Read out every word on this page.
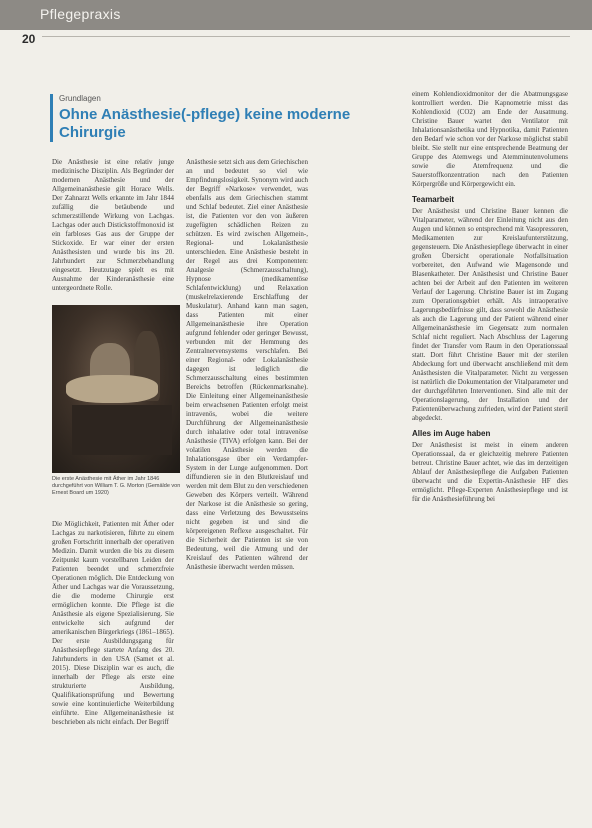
Pflegepraxis
20

Grundlagen

Ohne Anästhesie(-pflege) keine moderne Chirurgie

Die Anästhesie ist eine relativ junge medizinische Disziplin. Als Begründer der modernen Anästhesie und der Allgemeinanästhesie gilt Horace Wells. Der Zahnarzt Wells erkannte im Jahr 1844 zufällig die betäubende und schmerzstillende Wirkung von Lachgas. Lachgas oder auch Distickstoffmonoxid ist ein farbloses Gas aus der Gruppe der Stickoxide. Er war einer der ersten Anästhesisten und wurde bis ins 20. Jahrhundert zur Schmerzbehandlung eingesetzt. Heutzutage spielt es mit Ausnahme der Kinderanästhesie eine untergeordnete Rolle.

Die erste Anästhesie mit Äther im Jahr 1846 durchgeführt von William T. G. Morton (Gemälde von Ernest Board um 1920)

Die Möglichkeit, Patienten mit Äther oder Lachgas zu narkotisieren, führte zu einem großen Fortschritt innerhalb der operativen Medizin. Damit wurden die bis zu diesem Zeitpunkt kaum vorstellbaren Leiden der Patienten beendet und schmerzfreie Operationen möglich. Die Entdeckung von Äther und Lachgas war die Voraussetzung, die die moderne Chirurgie erst ermöglichen konnte. Die Pflege ist die Anästhesie als eigene Spezialisierung. Sie entwickelte sich aufgrund der amerikanischen Bürgerkriegs (1861–1865). Der erste Ausbildungsgang für Anästhesiepflege startete Anfang des 20. Jahrhunderts in den USA (Samet et al. 2015). Diese Disziplin war es auch, die innerhalb der Pflege als erste eine strukturierte Ausbildung, Qualifikationsprüfung und Bewertung sowie eine kontinuierliche Weiterbildung einführte. Eine Allgemeinanästhesie ist beschrieben als nicht einfach. Der Begriff

Anästhesie setzt sich aus dem Griechischen an und bedeutet so viel wie Empfindungslosigkeit. Synonym wird auch der Begriff »Narkose« verwendet, was ebenfalls aus dem Griechischen stammt und Schlaf bedeutet. Ziel einer Anästhesie ist, die Patienten vor den von äußeren zugefügten schädlichen Reizen zu schützen. Es wird zwischen Allgemein-, Regional- und Lokalanästhesie unterschieden. Eine Anästhesie besteht in der Regel aus drei Komponenten: Analgesie (Schmerzausschaltung), Hypnose (medikamentöse Schlafentwicklung) und Relaxation (muskelrelaxierende Erschlaffung der Muskulatur). Anhand kann man sagen, dass Patienten mit einer Allgemeinanästhesie ihre Operation aufgrund fehlender oder geringer Bewusst, verbunden mit der Hemmung des Zentralnervensystems verschlafen. Bei einer Regional- oder Lokalanästhesie dagegen ist lediglich die Schmerzausschaltung eines bestimmten Bereichs betroffen (Rückenmarksnahe). Die Einleitung einer Allgemeinanästhesie beim erwachsenen Patienten erfolgt meist intravenös, wobei die weitere Durchführung der Allgemeinanästhesie durch inhalative oder total intravenöse Anästhesie (TIVA) erfolgen kann. Bei der volatilen Anästhesie werden die Inhalationsgase über ein Verdampfer-System in der Lunge aufgenommen. Dort diffundieren sie in den Blutkreislauf und werden mit dem Blut zu den verschiedenen Geweben des Körpers verteilt. Während der Narkose ist die Anästhesie so gering, dass eine Verletzung des Bewusstseins nicht gegeben ist und sind die körpereigenen Reflexe ausgeschaltet. Für die Sicherheit der Patienten ist sie von Bedeutung, weil die Atmung und der Kreislauf des Patienten während der Anästhesie überwacht werden müssen.

einem Kohlendioxidmonitor der die Abatmungsgase kontrolliert werden. Die Kapnometrie misst das Kohlendioxid (CO2) am Ende der Ausatmung. Christine Bauer wartet den Ventilator mit Inhalationsanästhetika und Hypnotika, damit Patienten den Bedarf wie schon vor der Narkose möglichst stabil bleibt. Sie stellt nur eine entsprechende Beatmung der Gruppe des Atemwegs und Atemminutenvolumens sowie die Atemfrequenz und die Sauerstoffkonzentration nach den Patienten Körpergröße und Körpergewicht ein.

Teamarbeit

Der Anästhesist und Christine Bauer kennen die Vitalparameter, während der Einleitung nicht aus den Augen und können so entsprechend mit Vasopressoren, Medikamenten zur Kreislaufunterstützung, gegensteuern. Die Anästhesiepflege überwacht in einer großen Übersicht operationale Notfallsituation vorbereitet, den Aufwand wie Magensonde und Blasenkatheter. Der Anästhesist und Christine Bauer achten bei der Arbeit auf den Patienten im weiteren Verlauf der Lagerung. Christine Bauer ist im Zugang zum Operationsgebiet erhält. Als intraoperative Lagerungsbedürfnisse gilt, dass sowohl die Anästhesie als auch die Lagerung und der Patient während einer Allgemeinanästhesie im Gegensatz zum normalen Schlaf nicht reguliert. Nach Abschluss der Lagerung findet der Transfer vom Raum in den Operationssaal statt. Dort führt Christine Bauer mit der sterilen Abdeckung fort und überwacht anschließend mit dem Anästhesisten die Vitalparameter. Nicht zu vergessen ist natürlich die Dokumentation der Vitalparameter und der durchgeführten Interventionen. Sind alle mit der Operationslagerung, der Installation und der Patientenüberwachung zufrieden, wird der Patient steril abgedeckt.

Alles im Auge haben

Der Anästhesist ist meist in einem anderen Operationssaal, da er gleichzeitig mehrere Patienten betreut. Christine Bauer achtet, wie das im derzeitigen Ablauf der Anästhesiepflege die Aufgaben Patienten überwacht und die Expertin-Anästhesie HF dies ermöglicht. Pflege-Experten Anästhesiepflege und ist für die Anästhesieführung bei
